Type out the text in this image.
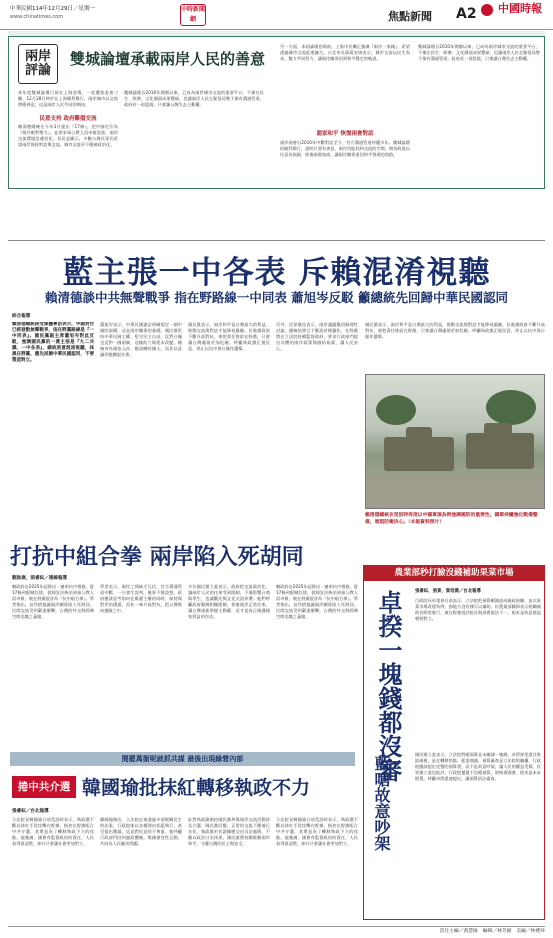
中華民國114年12月29日／星期一
www.chinatimes.com
中時新聞網	焦點新聞 A2 中國時報
兩岸評論
雙城論壇承載兩岸人民的善意
本年度雙城論壇日前在上海登場，一度遭陸委會刁難，12月28日終於在上海順利舉行，兩岸城市以交流增進善意，這是兩岸人民共同的期待。
民意支持 政府難擋交流
賴清德總統在今年3月提出『17條』，把中國定位為『境外敵對勢力』，並要求軍公教人員申報赴陸，兩岸交流環境急遽惡化。但民意顯示，多數台灣民眾仍希望兩岸保持對話與交流，城市交流更不應被政治化。
雙城論壇自2010年開辦以來，已成為兩岸城市交流的重要平台，不僅在民生、經濟、文化層面成果豐碩，也讓兩岸人民在緊張局勢下保有溝通管道。政府若一再阻撓，只會讓台灣失去主動權。
另一方面，本屆論壇登場前，上海市長龔正強調『兩岸一家親』，希望透過城市交流促進融合。台北市長蔣萬安則表示，城市交流以民生為本，雙方共同努力，讓兩岸關係回到和平穩定的軌道。
滬家和平 恢復兩會對話
兩岸兩會自2016年中斷對話至今，官方溝通管道停擺多年。雙城論壇的順利舉行，證明只要有善意，兩岸仍能找到交流的空間。期待政府以民意為依歸，恢復兩會協商，讓兩岸關係重回和平發展的道路。
雙城論壇自2010年開辦以來，已成為兩岸城市交流的重要平台，不僅在民生、經濟、文化層面成果豐碩，也讓兩岸人民在緊張局勢下保有溝通管道。政府若一再阻撓，只會讓台灣失去主動權。
藍主張一中各表 斥賴混淆視聽
賴清德談中共無聲戰爭 指在野路線一中同表 蕭旭岑反駁 籲總統先回歸中華民國認同
綜合報導
賴清德總統接受媒體專訪表示，中國對台已經發動無聲戰爭，指在野黨路線是『一中同表』。國民黨副主席蕭旭岑對此反駁，強調國民黨的一貫主張是『九二共識、一中各表』，總統刻意混淆視聽，抹黑在野黨，應先回歸中華民國認同，不要製造對立。
蕭旭岑表示，中華民國憲法明確規定一個中國的架構，這是兩岸關係的基礎。國民黨堅持中華民國主權、堅守民主自由，反對台獨也反對一國兩制，這樣的立場從未改變。總統身為國家元首，應該團結國人，而非以意識形態撕裂社會。
國民黨表示，兩岸和平是台灣最大的利益，推動交流與對話才能降低風險。民進黨政府不斷升高對抗，卻把責任推給在野黨，只會讓台灣處境更加危險。呼籲執政黨正視民意，停止以抗中保台操作選舉。
另外，民眾黨也表示，兩岸議題應回歸理性討論，總統的發言不應流於標籤化。在野黨將在立法院持續監督政府，要求行政部門提出具體的兩岸政策與國防規畫，讓人民安心。
國民黨表示，兩岸和平是台灣最大的利益，推動交流與對話才能降低風險。民進黨政府不斷升高對抗，卻把責任推給在野黨，只會讓台灣處境更加危險。呼籲執政黨正視民意，停止以抗中保台操作選舉。
賴清德總統在受訪時再度以中國軍演為例強調國防的重要性。國軍持續強化戰備整備，展現防衛決心。（本報資料照片）
打抗中組合拳 兩岸陷入死胡同
劉詠崴、張睿紜／連線報導
賴政府自2025年起推出一連串抗中措施，從17條到限制赴陸，從國安法修法到軍公教人員申報，被在野黨批評為『抗中組合拳』。學者指出，這些措施讓兩岸關係陷入死胡同，民間交流受到嚴重衝擊，台灣的外交與經濟空間也隨之萎縮。
學者表示，兩岸之間缺乏互信，官方溝通管道中斷，一旦發生誤判，後果不堪設想。政府應該思考如何在維護主權的同時，保持與對岸的溝通，而非一味升高對抗，把台灣推向風險之中。
多位國民黨立委表示，政府把交流政治化，讓兩岸人民的往來受到限制，不僅影響台商與學生，也讓觀光與文化交流停滯。他們呼籲政府鬆綁相關限制，恢復兩岸正常往來，讓台灣重新掌握主動權，這才是真正維護國家利益的作法。
賴政府自2025年起推出一連串抗中措施，從17條到限制赴陸，從國安法修法到軍公教人員申報，被在野黨批評為『抗中組合拳』。學者指出，這些措施讓兩岸關係陷入死胡同，民間交流受到嚴重衝擊，台灣的外交與經濟空間也隨之萎縮。
閱罷萬銜呢就抓共謀 最後出現綠營內部
捲中共介選 韓國瑜批抹紅轉移執政不力
張睿紜／台北報導
立法院長韓國瑜日前受訪時表示，執政黨不斷以抹紅手段攻擊在野黨，指控在野黨配合中共介選，其實是為了轉移執政不力的焦點。他強調，國會有監督政府的責任，人民看得很清楚，抹紅只會讓社會更加對立。
韓國瑜指出，立法院近來通過多項攸關民生的法案，行政院卻以各種理由拒絕執行，甚至提出覆議，這是對民意的不尊重。他呼籲行政部門回到憲政體制，與國會良性互動，共同為人民解決問題。
針對執政黨指控國民黨參與兩岸交流活動涉及介選，國民黨回應，正常的交流不應被污名化，執政黨若有證據應交由司法處理，不應以政治口水抹黑。國民黨將持續推動兩岸和平，守護台灣的民主與安全。
立法院長韓國瑜日前受訪時表示，執政黨不斷以抹紅手段攻擊在野黨，指控在野黨配合中共介選，其實是為了轉移執政不力的焦點。他強調，國會有監督政府的責任，人民看得很清楚，抹紅只會讓社會更加對立。
農業部秒打臉沒錢補助果菜市場
張睿紜、張景、賀培喬／台北報導
卓揆一塊錢都沒審
藍嗆故意吵架
行政院長卓榮泰日前表示，立法院把預算刪減造成施政困難，並以果菜市場改建為例，指地方沒有錢可以補助。但農業部隨即表示相關補助仍照常進行，被在野黨批評院長與部會說法不一，根本是故意挑起朝野對立。
國民黨立委表示，立法院對總預算並未刪減一塊錢，卓揆卻把責任推給國會，是在轉移焦點。藍委強調，預算審查是立法院的職權，行政院應該提出完整的預算書，而不是故意吵架，讓人民的權益受損。民眾黨立委也批評，行政院遲遲不送總預算，卻指責國會，根本是本末倒置，呼籲卓揆盡速提出，讓預算依法審查。
責任主編／黃慧敏　編輯／林芳穎　美編／林禮珍
